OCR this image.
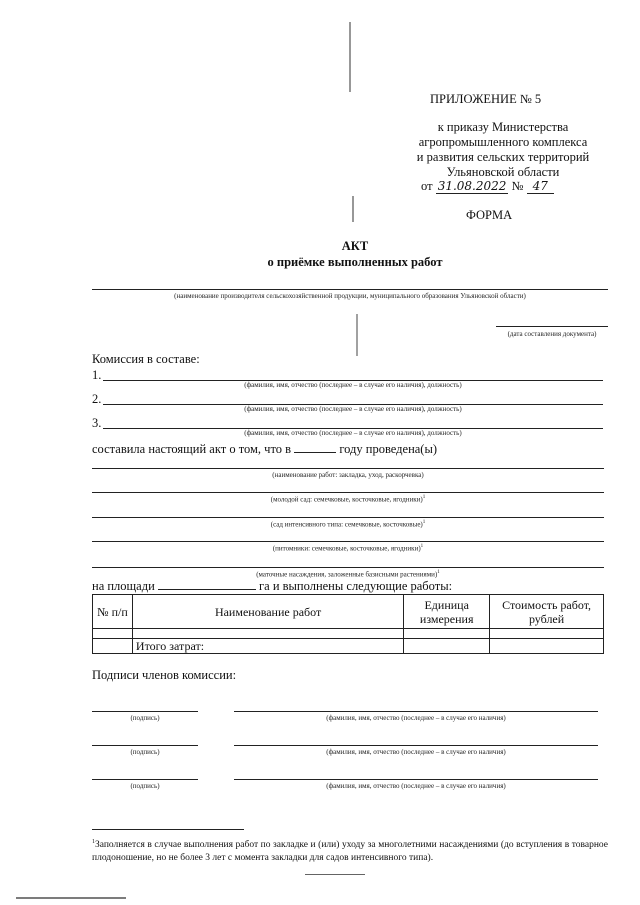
ПРИЛОЖЕНИЕ № 5
к приказу Министерства
агропромышленного комплекса
и развития сельских территорий
Ульяновской области
от 31.08.2022 № 47
ФОРМА
АКТ
о приёмке выполненных работ
(наименование производителя сельскохозяйственной продукции, муниципального образования Ульяновской области)
(дата составления документа)
Комиссия в составе:
1.
(фамилия, имя, отчество (последнее – в случае его наличия), должность)
2.
(фамилия, имя, отчество (последнее – в случае его наличия), должность)
3.
(фамилия, имя, отчество (последнее – в случае его наличия), должность)
составила настоящий акт о том, что в	году проведена(ы)
(наименование работ: закладка, уход, раскорчевка)
(молодой сад: семечковые, косточковые, ягодники)$^1$
(сад интенсивного типа: семечковые, косточковые)$^1$
(питомники: семечковые, косточковые, ягодники)$^1$
(маточные насаждения, заложенные базисными растениями)$^1$
на площади	га и выполнены следующие работы:
№ п/п	Наименование работ	Единица измерения	Стоимость работ, рублей

	Итого затрат:		
Подписи членов комиссии:
(подпись)	(фамилия, имя, отчество (последнее – в случае его наличия)
(подпись)	(фамилия, имя, отчество (последнее – в случае его наличия)
(подпись)	(фамилия, имя, отчество (последнее – в случае его наличия)
$^1$Заполняется в случае выполнения работ по закладке и (или) уходу за многолетними насаждениями (до вступления в товарное плодоношение, но не более 3 лет с момента закладки для садов интенсивного типа).
